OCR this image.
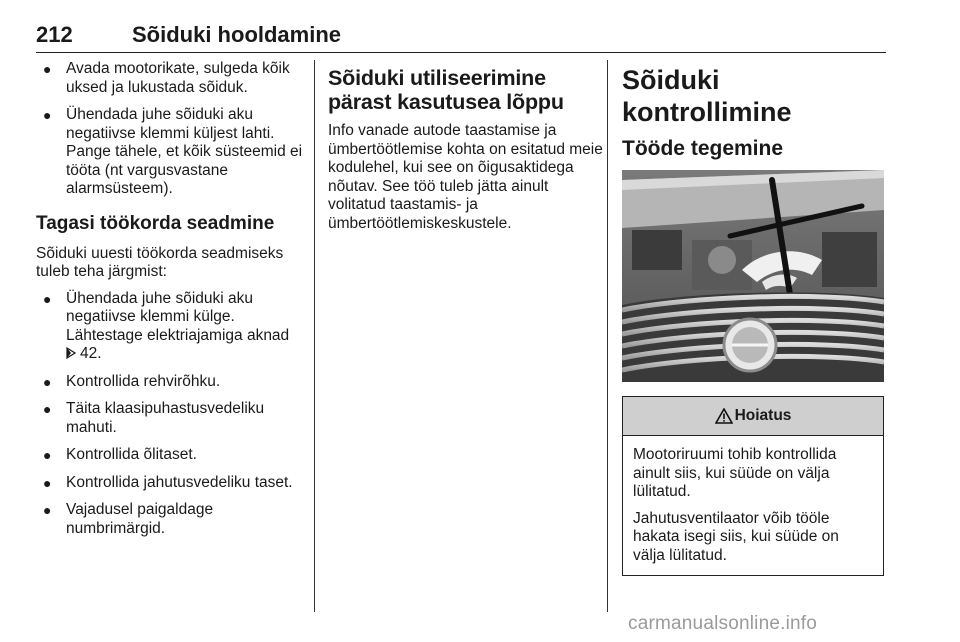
212	Sõiduki hooldamine
● Avada mootorikate, sulgeda kõik uksed ja lukustada sõiduk.
● Ühendada juhe sõiduki aku negatiivse klemmi küljest lahti. Pange tähele, et kõik süsteemid ei tööta (nt vargusvastane alarmsüsteem).
Tagasi töökorda seadmine
Sõiduki uuesti töökorda seadmiseks tuleb teha järgmist:
● Ühendada juhe sõiduki aku negatiivse klemmi külge. Lähtestage elektriajamiga aknad
42.
● Kontrollida rehvirõhku.
● Täita klaasipuhastusvedeliku mahuti.
● Kontrollida õlitaset.
● Kontrollida jahutusvedeliku taset.
● Vajadusel paigaldage numbrimärgid.
Sõiduki utiliseerimine pärast kasutusea lõppu
Info vanade autode taastamise ja ümbertöötlemise kohta on esitatud meie kodulehel, kui see on õigusaktidega nõutav. See töö tuleb jätta ainult volitatud taastamis- ja ümbertöötlemiskeskustele.
Sõiduki kontrollimine
Tööde tegemine
Hoiatus

Mootoriruumi tohib kontrollida ainult siis, kui süüde on välja lülitatud.

Jahutusventilaator võib tööle hakata isegi siis, kui süüde on välja lülitatud.

carmanualsonline.info
